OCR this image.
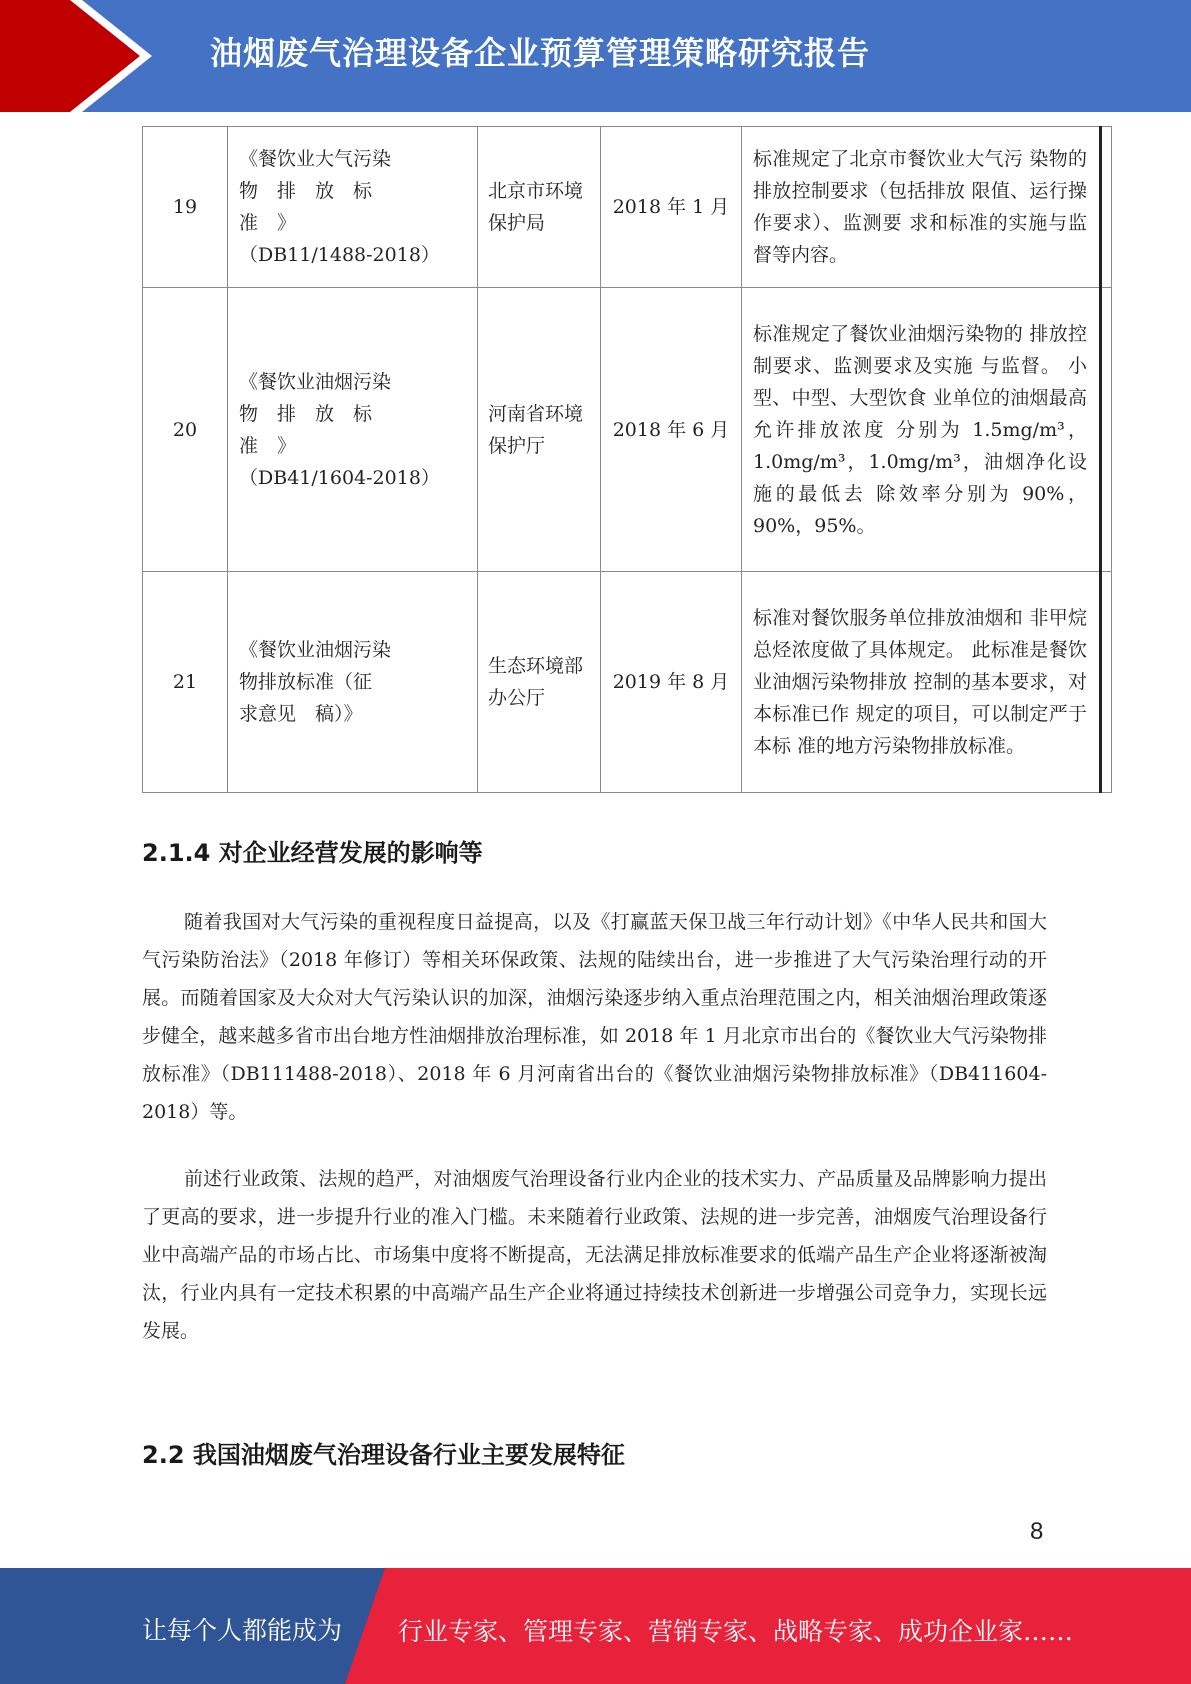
油烟废气治理设备企业预算管理策略研究报告
19	《餐饮业大气污染
物　排　放　标
准　》
（DB11/1488-2018）	北京市环境保护局	2018 年 1 月	标准规定了北京市餐饮业大气污 染物的排放控制要求（包括排放 限值、运行操作要求）、监测要 求和标准的实施与监督等内容。	
20	《餐饮业油烟污染
物　排　放　标
准　》
（DB41/1604-2018）	河南省环境保护厅	2018 年 6 月	标准规定了餐饮业油烟污染物的 排放控制要求、监测要求及实施 与监督。 小型、中型、大型饮食 业单位的油烟最高允许排放浓度 分别为 1.5mg/m³， 1.0mg/m³，1.0mg/m³，油烟净化设施的最低去 除效率分别为 90%，90%，95%。	
21	《餐饮业油烟污染
物排放标准（征
求意见　稿）》	生态环境部办公厅	2019 年 8 月	标准对餐饮服务单位排放油烟和 非甲烷总烃浓度做了具体规定。 此标准是餐饮业油烟污染物排放 控制的基本要求，对本标准已作 规定的项目，可以制定严于本标 准的地方污染物排放标准。	
2.1.4 对企业经营发展的影响等
随着我国对大气污染的重视程度日益提高，以及《打赢蓝天保卫战三年行动计划》《中华人民共和国大气污染防治法》（2018 年修订）等相关环保政策、法规的陆续出台，进一步推进了大气污染治理行动的开展。而随着国家及大众对大气污染认识的加深，油烟污染逐步纳入重点治理范围之内，相关油烟治理政策逐步健全，越来越多省市出台地方性油烟排放治理标准，如 2018 年 1 月北京市出台的《餐饮业大气污染物排放标准》（DB111488-2018）、2018 年 6 月河南省出台的《餐饮业油烟污染物排放标准》（DB411604-2018）等。
前述行业政策、法规的趋严，对油烟废气治理设备行业内企业的技术实力、产品质量及品牌影响力提出了更高的要求，进一步提升行业的准入门槛。未来随着行业政策、法规的进一步完善，油烟废气治理设备行业中高端产品的市场占比、市场集中度将不断提高，无法满足排放标准要求的低端产品生产企业将逐渐被淘汰，行业内具有一定技术积累的中高端产品生产企业将通过持续技术创新进一步增强公司竞争力，实现长远发展。
2.2 我国油烟废气治理设备行业主要发展特征
8
让每个人都能成为 行业专家、管理专家、营销专家、战略专家、成功企业家……
